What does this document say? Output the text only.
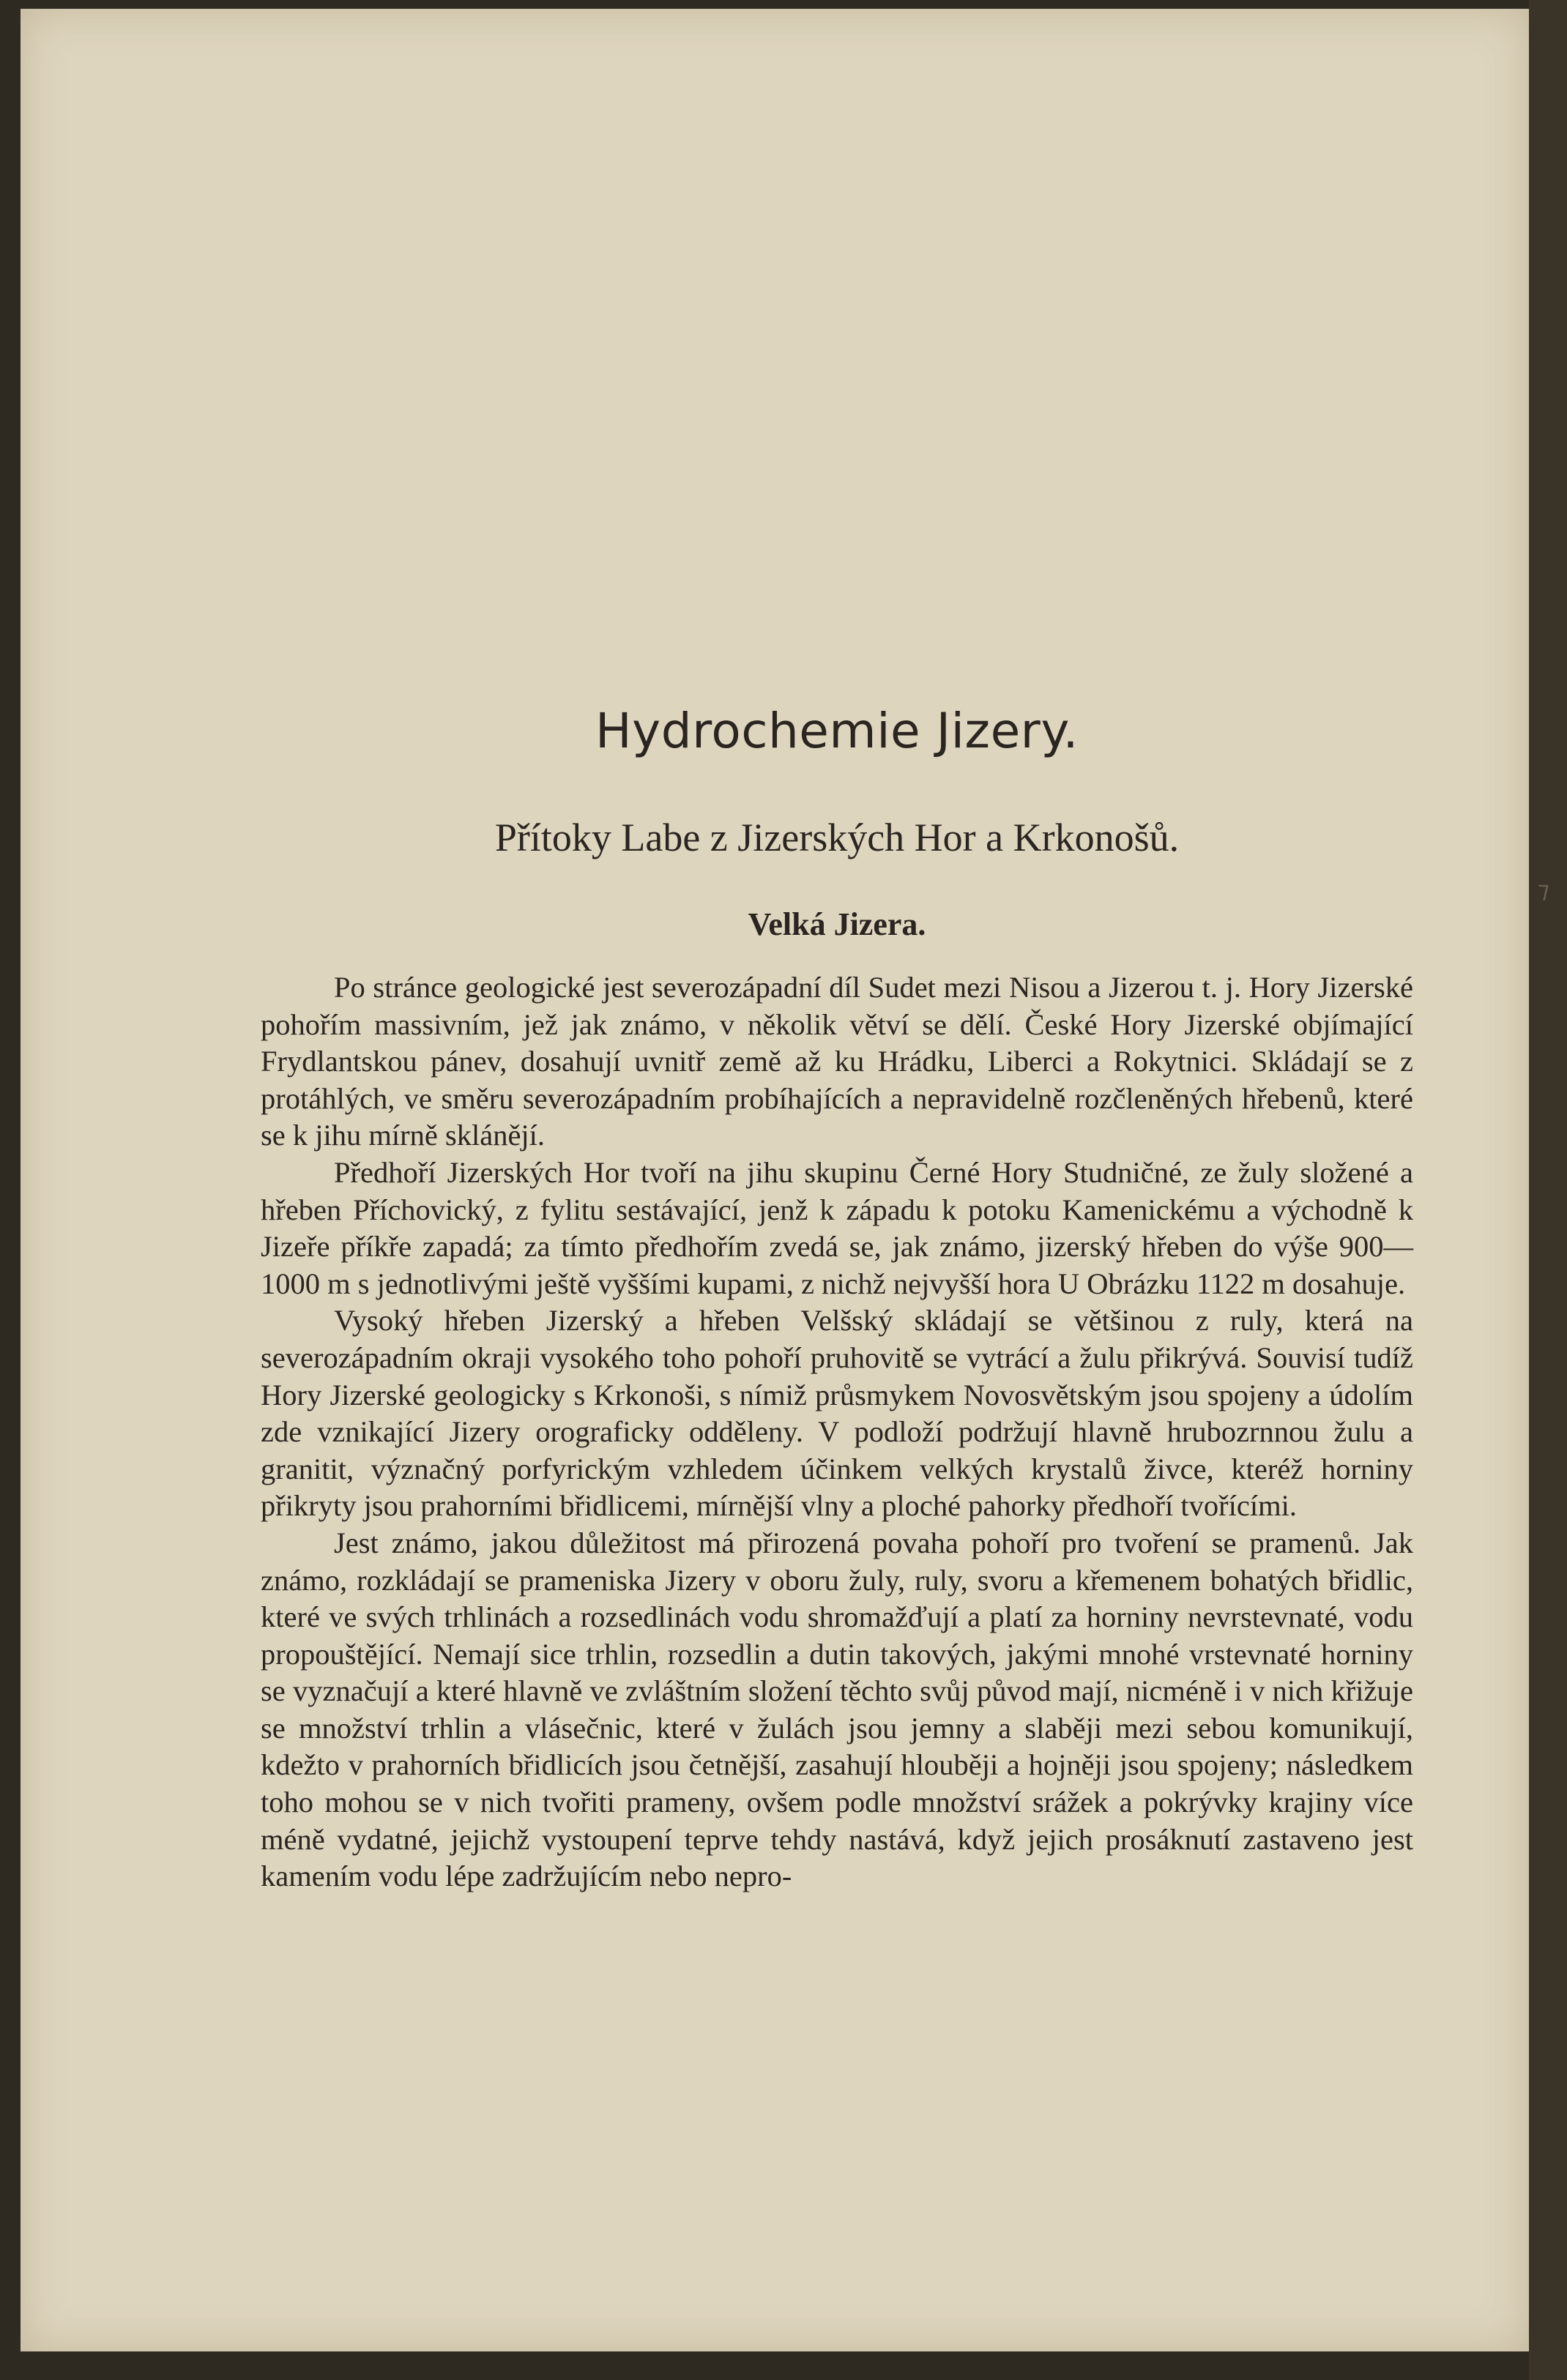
⁊
Hydrochemie Jizery.
Přítoky Labe z Jizerských Hor a Krkonošů.
Velká Jizera.

Po stránce geologické jest severozápadní díl Sudet mezi Nisou a Jizerou t. j. Hory Jizerské pohořím massivním, jež jak známo, v několik větví se dělí. České Hory Jizerské objímající Frydlantskou pánev, dosahují uvnitř země až ku Hrádku, Liberci a Rokytnici. Skládají se z protáhlých, ve směru severozápadním probíhajících a nepravidelně rozčleněných hřebenů, které se k jihu mírně sklánějí.

Předhoří Jizerských Hor tvoří na jihu skupinu Černé Hory Studničné, ze žuly složené a hřeben Příchovický, z fylitu sestávající, jenž k západu k potoku Kamenickému a východně k Jizeře příkře zapadá; za tímto předhořím zvedá se, jak známo, jizerský hřeben do výše 900—1000 m s jednotlivými ještě vyššími kupami, z nichž nejvyšší hora U Obrázku 1122 m dosahuje.

Vysoký hřeben Jizerský a hřeben Velšský skládají se většinou z ruly, která na severozápadním okraji vysokého toho pohoří pruhovitě se vytrácí a žulu přikrývá. Souvisí tudíž Hory Jizerské geologicky s Krkonoši, s nímiž průsmykem Novosvětským jsou spojeny a údolím zde vznikající Jizery orograficky odděleny. V podloží podržují hlavně hrubozrnnou žulu a granitit, význačný porfyrickým vzhledem účinkem velkých krystalů živce, kteréž horniny přikryty jsou prahorními břidlicemi, mírnější vlny a ploché pahorky předhoří tvořícími.

Jest známo, jakou důležitost má přirozená povaha pohoří pro tvoření se pramenů. Jak známo, rozkládají se prameniska Jizery v oboru žuly, ruly, svoru a křemenem bohatých břidlic, které ve svých trhlinách a rozsedlinách vodu shromažďují a platí za horniny nevrstevnaté, vodu propouštějící. Nemají sice trhlin, rozsedlin a dutin takových, jakými mnohé vrstevnaté horniny se vyznačují a které hlavně ve zvláštním složení těchto svůj původ mají, nicméně i v nich křižuje se množství trhlin a vlásečnic, které v žulách jsou jemny a slaběji mezi sebou komunikují, kdežto v prahorních břidlicích jsou četnější, zasahují hlouběji a hojněji jsou spojeny; následkem toho mohou se v nich tvořiti prameny, ovšem podle množství srážek a pokrývky krajiny více méně vydatné, jejichž vystoupení teprve tehdy nastává, když jejich prosáknutí zastaveno jest kamením vodu lépe zadržujícím nebo nepro-
